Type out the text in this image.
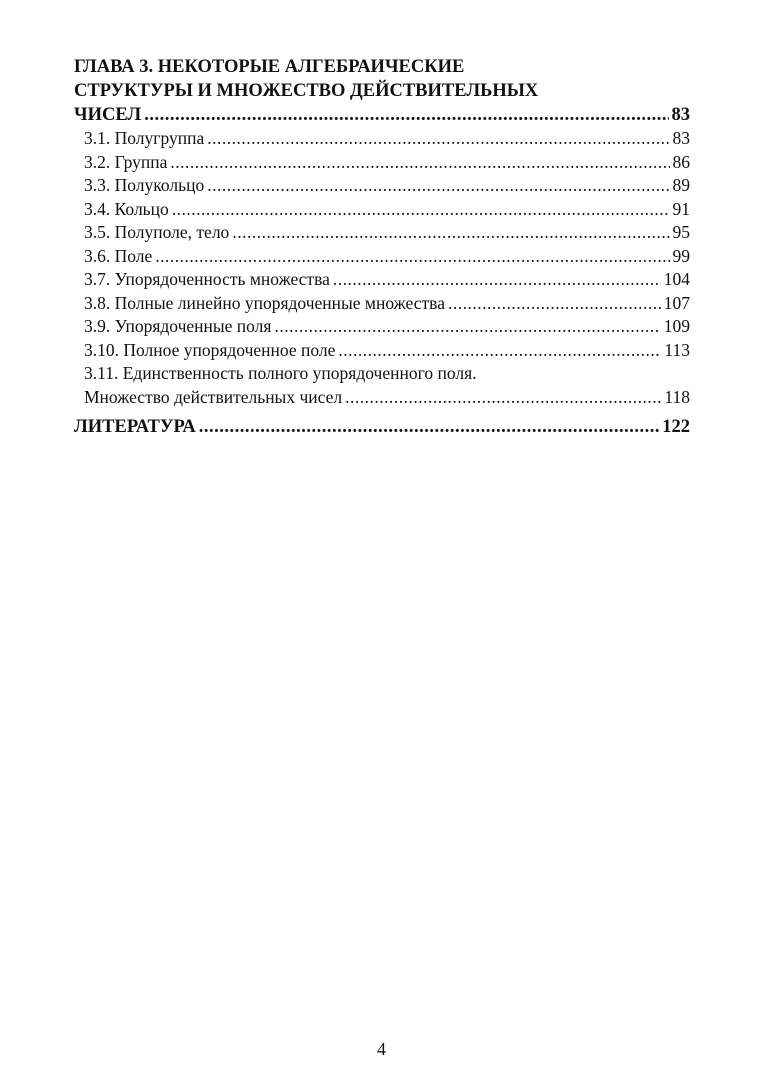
ГЛАВА 3. НЕКОТОРЫЕ АЛГЕБРАИЧЕСКИЕ
СТРУКТУРЫ И МНОЖЕСТВО ДЕЙСТВИТЕЛЬНЫХ
ЧИСЕЛ .....	83
3.1. Полугруппа .....	83
3.2. Группа .....	86
3.3. Полукольцо .....	89
3.4. Кольцо .....	91
3.5. Полуполе, тело .....	95
3.6. Поле .....	99
3.7. Упорядоченность множества .....	104
3.8. Полные линейно упорядоченные множества .....	107
3.9. Упорядоченные поля .....	109
3.10. Полное упорядоченное поле .....	113
3.11. Единственность полного упорядоченного поля.
Множество действительных чисел .....	118
ЛИТЕРАТУРА .....	122
4
